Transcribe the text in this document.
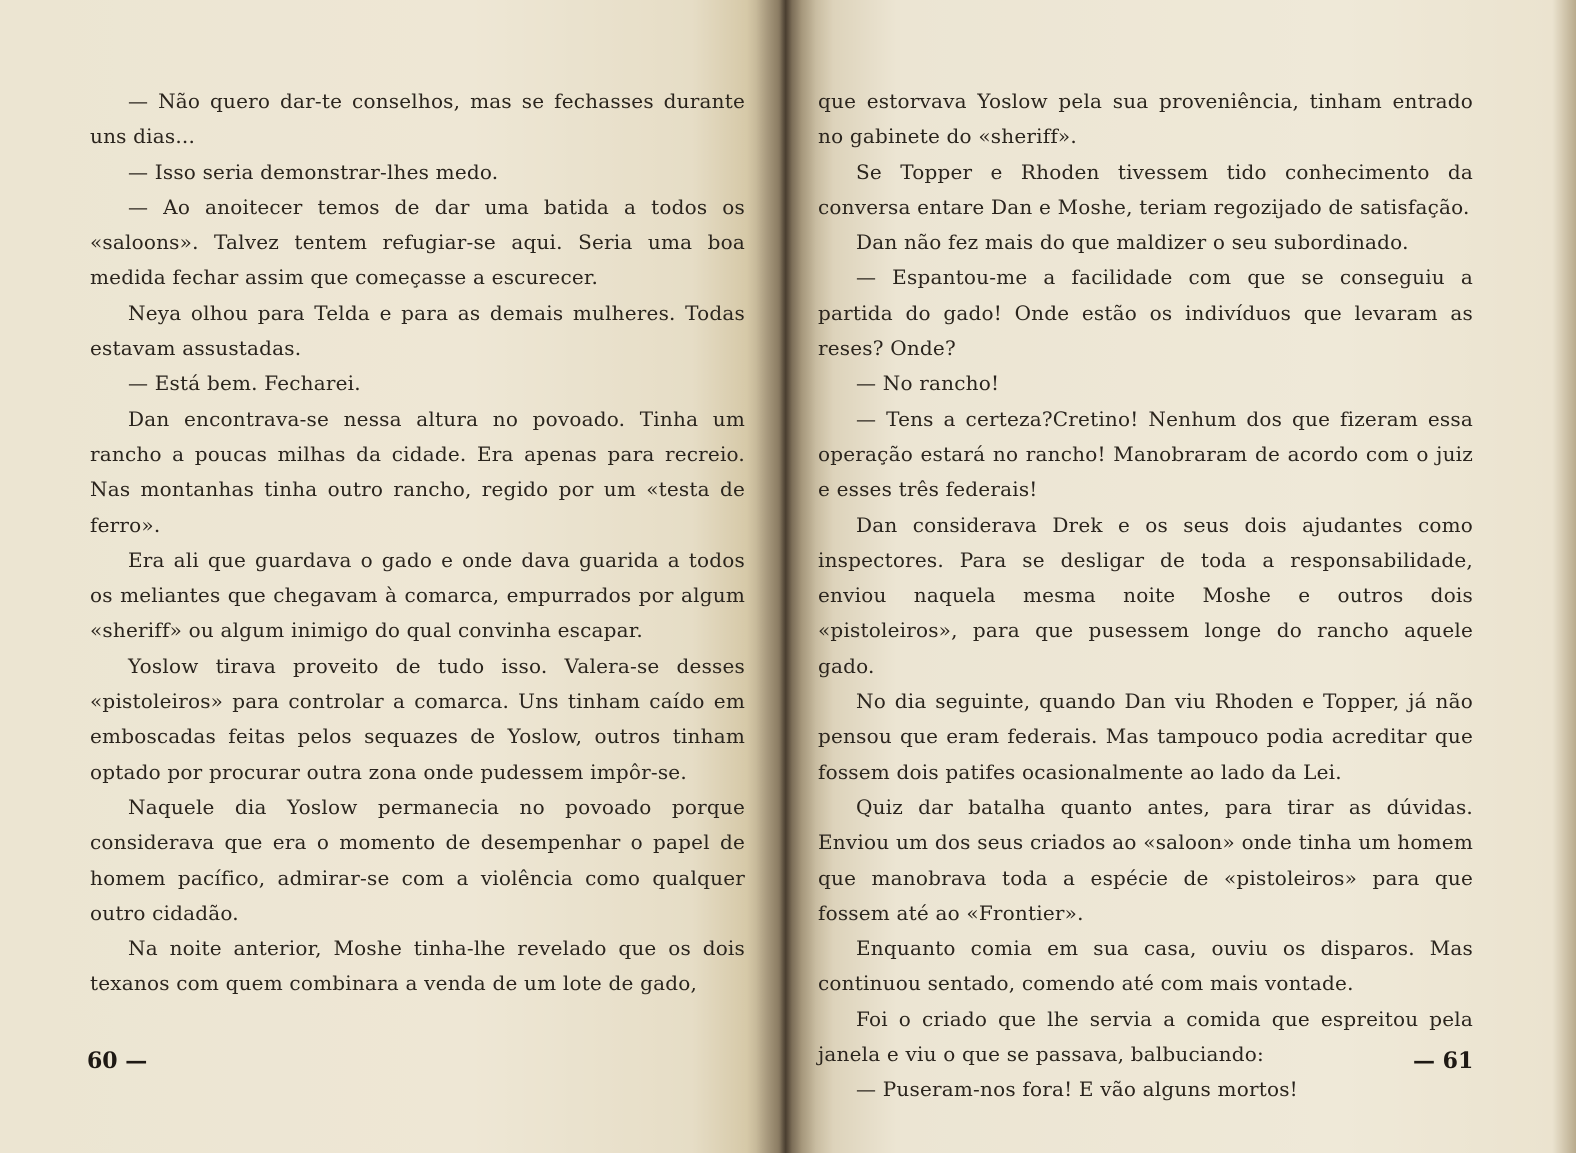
— Não quero dar-te conselhos, mas se fechasses durante uns dias...

— Isso seria demonstrar-lhes medo.

— Ao anoitecer temos de dar uma batida a todos os «saloons». Talvez tentem refugiar-se aqui. Seria uma boa medida fechar assim que começasse a escurecer.

Neya olhou para Telda e para as demais mulheres. Todas estavam assustadas.

— Está bem. Fecharei.

Dan encontrava-se nessa altura no povoado. Tinha um rancho a poucas milhas da cidade. Era apenas para recreio. Nas montanhas tinha outro rancho, regido por um «testa de ferro».

Era ali que guardava o gado e onde dava guarida a todos os meliantes que chegavam à comarca, empurrados por algum «sheriff» ou algum inimigo do qual convinha escapar.

Yoslow tirava proveito de tudo isso. Valera-se desses «pistoleiros» para controlar a comarca. Uns tinham caído em emboscadas feitas pelos sequazes de Yoslow, outros tinham optado por procurar outra zona onde pudessem impôr-se.

Naquele dia Yoslow permanecia no povoado porque considerava que era o momento de desempenhar o papel de homem pacífico, admirar-se com a violência como qualquer outro cidadão.

Na noite anterior, Moshe tinha-lhe revelado que os dois texanos com quem combinara a venda de um lote de gado,

que estorvava Yoslow pela sua proveniência, tinham entrado no gabinete do «sheriff».

Se Topper e Rhoden tivessem tido conhecimento da conversa entare Dan e Moshe, teriam regozijado de satisfação.

Dan não fez mais do que maldizer o seu subordinado.

— Espantou-me a facilidade com que se conseguiu a partida do gado! Onde estão os indivíduos que levaram as reses? Onde?

— No rancho!

— Tens a certeza?Cretino! Nenhum dos que fizeram essa operação estará no rancho! Manobraram de acordo com o juiz e esses três federais!

Dan considerava Drek e os seus dois ajudantes como inspectores. Para se desligar de toda a responsabilidade, enviou naquela mesma noite Moshe e outros dois «pistoleiros», para que pusessem longe do rancho aquele gado.

No dia seguinte, quando Dan viu Rhoden e Topper, já não pensou que eram federais. Mas tampouco podia acreditar que fossem dois patifes ocasionalmente ao lado da Lei.

Quiz dar batalha quanto antes, para tirar as dúvidas. Enviou um dos seus criados ao «saloon» onde tinha um homem que manobrava toda a espécie de «pistoleiros» para que fossem até ao «Frontier».

Enquanto comia em sua casa, ouviu os disparos. Mas continuou sentado, comendo até com mais vontade.

Foi o criado que lhe servia a comida que espreitou pela janela e viu o que se passava, balbuciando:

— Puseram-nos fora! E vão alguns mortos!

60 —	— 61
